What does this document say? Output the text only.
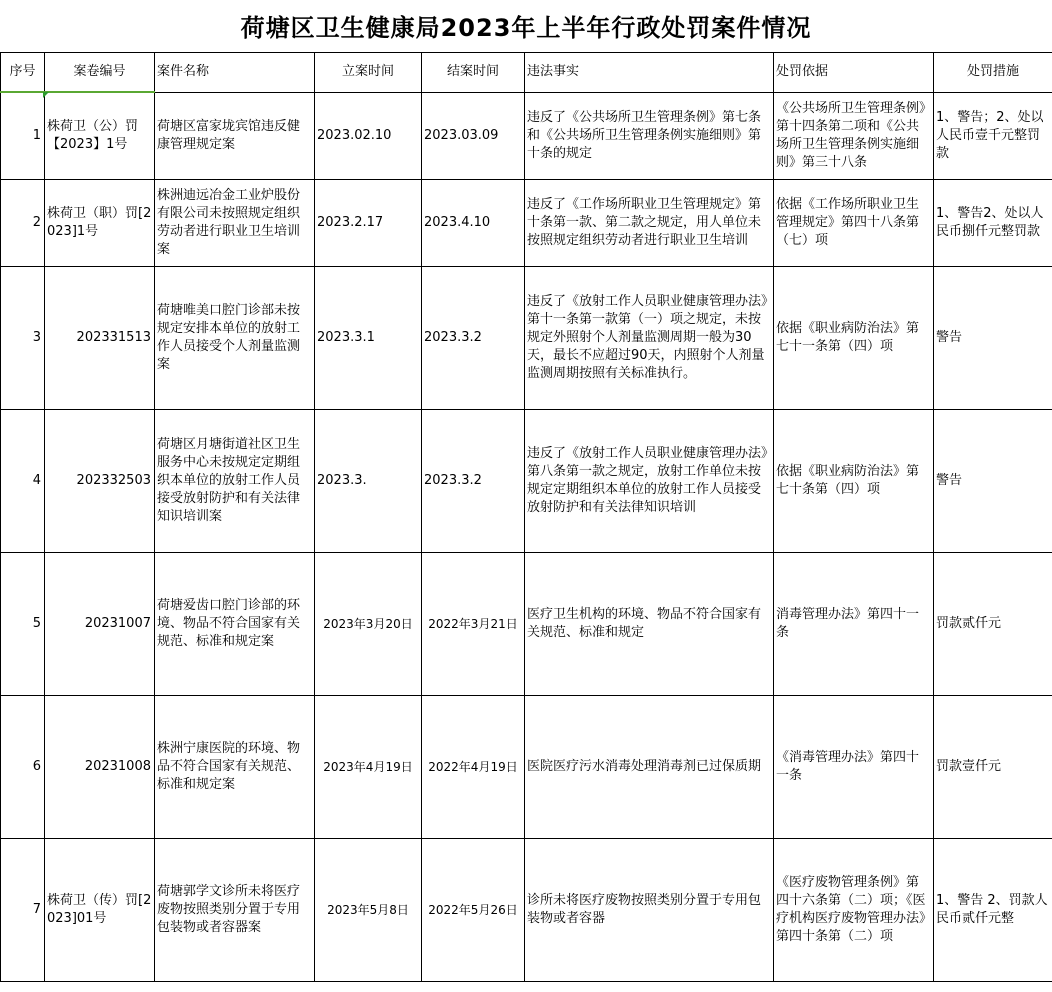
荷塘区卫生健康局2023年上半年行政处罚案件情况
序号	案卷编号	案件名称	立案时间	结案时间	违法事实	处罚依据	处罚措施
1	株荷卫（公）罚【2023】1号	荷塘区富家垅宾馆违反健康管理规定案	2023.02.10	2023.03.09	违反了《公共场所卫生管理条例》第七条和《公共场所卫生管理条例实施细则》第十条的规定	《公共场所卫生管理条例》第十四条第二项和《公共场所卫生管理条例实施细则》第三十八条	1、警告；2、处以人民币壹千元整罚款
2	株荷卫（职）罚[2023]1号	株洲迪远冶金工业炉股份有限公司未按照规定组织劳动者进行职业卫生培训案	2023.2.17	2023.4.10	违反了《工作场所职业卫生管理规定》第十条第一款、第二款之规定，用人单位未按照规定组织劳动者进行职业卫生培训	依据《工作场所职业卫生管理规定》第四十八条第（七）项	1、警告2、处以人民币捌仟元整罚款
3	202331513	荷塘唯美口腔门诊部未按规定安排本单位的放射工作人员接受个人剂量监测案	2023.3.1	2023.3.2	违反了《放射工作人员职业健康管理办法》第十一条第一款第（一）项之规定，未按规定外照射个人剂量监测周期一般为30天，最长不应超过90天，内照射个人剂量监测周期按照有关标准执行。	依据《职业病防治法》第七十一条第（四）项	警告
4	202332503	荷塘区月塘街道社区卫生服务中心未按规定定期组织本单位的放射工作人员接受放射防护和有关法律知识培训案	2023.3.	2023.3.2	违反了《放射工作人员职业健康管理办法》第八条第一款之规定，放射工作单位未按规定定期组织本单位的放射工作人员接受放射防护和有关法律知识培训	依据《职业病防治法》第七十条第（四）项	警告
5	20231007	荷塘爱齿口腔门诊部的环境、物品不符合国家有关规范、标准和规定案	2023年3月20日	2022年3月21日	医疗卫生机构的环境、物品不符合国家有关规范、标准和规定	消毒管理办法》第四十一条	罚款贰仟元
6	20231008	株洲宁康医院的环境、物品不符合国家有关规范、标准和规定案	2023年4月19日	2022年4月19日	医院医疗污水消毒处理消毒剂已过保质期	《消毒管理办法》第四十一条	罚款壹仟元
7	株荷卫（传）罚[2023]01号	荷塘郭学文诊所未将医疗废物按照类别分置于专用包装物或者容器案	2023年5月8日	2022年5月26日	诊所未将医疗废物按照类别分置于专用包装物或者容器	《医疗废物管理条例》第四十六条第（二）项；《医疗机构医疗废物管理办法》第四十条第（二）项	1、警告 2、罚款人民币贰仟元整
